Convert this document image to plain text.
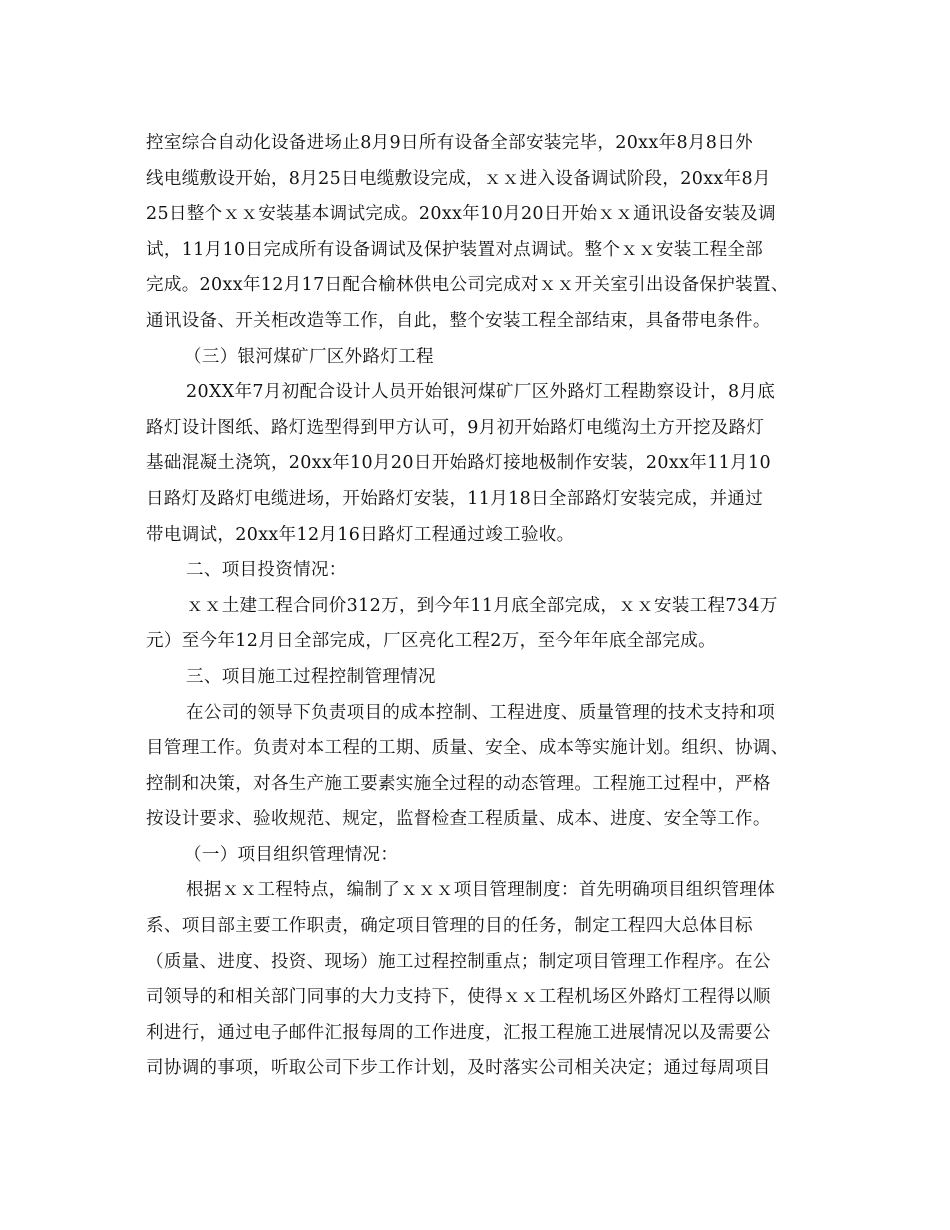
控室综合自动化设备进场止8月9日所有设备全部安装完毕，20xx年8月8日外
线电缆敷设开始，8月25日电缆敷设完成，ｘｘ进入设备调试阶段，20xx年8月
25日整个ｘｘ安装基本调试完成。20xx年10月20日开始ｘｘ通讯设备安装及调
试，11月10日完成所有设备调试及保护装置对点调试。整个ｘｘ安装工程全部
完成。20xx年12月17日配合榆林供电公司完成对ｘｘ开关室引出设备保护装置、
通讯设备、开关柜改造等工作，自此，整个安装工程全部结束，具备带电条件。
（三）银河煤矿厂区外路灯工程
20XX年7月初配合设计人员开始银河煤矿厂区外路灯工程勘察设计，8月底
路灯设计图纸、路灯选型得到甲方认可，9月初开始路灯电缆沟土方开挖及路灯
基础混凝土浇筑，20xx年10月20日开始路灯接地极制作安装，20xx年11月10
日路灯及路灯电缆进场，开始路灯安装，11月18日全部路灯安装完成，并通过
带电调试，20xx年12月16日路灯工程通过竣工验收。
二、项目投资情况：
ｘｘ土建工程合同价312万，到今年11月底全部完成，ｘｘ安装工程734万
元）至今年12月日全部完成，厂区亮化工程2万，至今年年底全部完成。
三、项目施工过程控制管理情况
在公司的领导下负责项目的成本控制、工程进度、质量管理的技术支持和项
目管理工作。负责对本工程的工期、质量、安全、成本等实施计划。组织、协调、
控制和决策，对各生产施工要素实施全过程的动态管理。工程施工过程中，严格
按设计要求、验收规范、规定，监督检查工程质量、成本、进度、安全等工作。
（一）项目组织管理情况：
根据ｘｘ工程特点，编制了ｘｘｘ项目管理制度：首先明确项目组织管理体
系、项目部主要工作职责，确定项目管理的目的任务，制定工程四大总体目标
（质量、进度、投资、现场）施工过程控制重点；制定项目管理工作程序。在公
司领导的和相关部门同事的大力支持下，使得ｘｘ工程机场区外路灯工程得以顺
利进行，通过电子邮件汇报每周的工作进度，汇报工程施工进展情况以及需要公
司协调的事项，听取公司下步工作计划，及时落实公司相关决定；通过每周项目
